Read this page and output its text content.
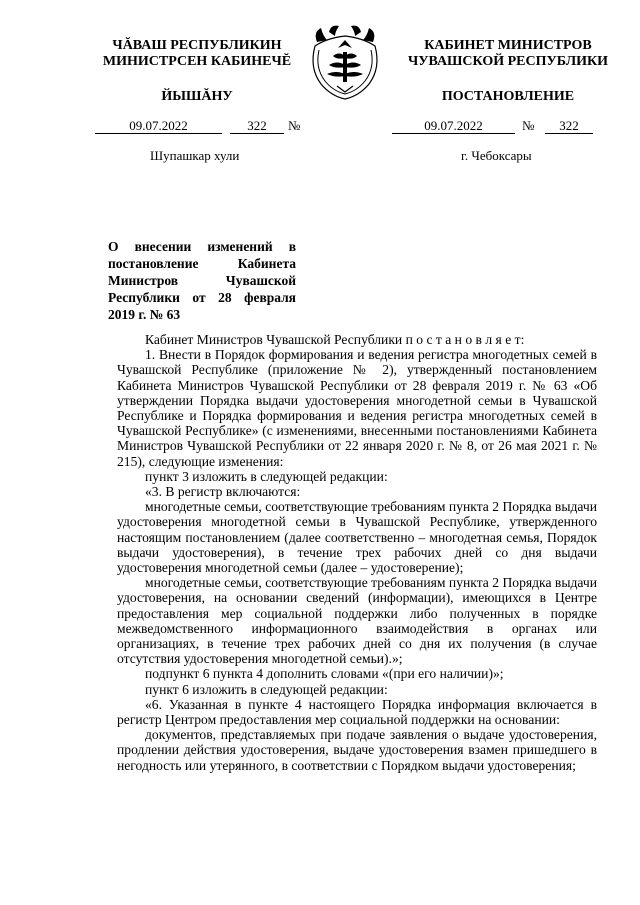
ЧĂВАШ РЕСПУБЛИКИН
МИНИСТРСЕН КАБИНЕЧĔ
КАБИНЕТ МИНИСТРОВ
ЧУВАШСКОЙ РЕСПУБЛИКИ
ЙЫШĂНУ	ПОСТАНОВЛЕНИЕ
09.07.2022	322	№	09.07.2022	№	322
Шупашкар хули	г. Чебоксары
О внесении изменений в постановление Кабинета Министров Чувашской Республики от 28 февраля 2019 г. № 63

Кабинет Министров Чувашской Республики п о с т а н о в л я е т:

1. Внести в Порядок формирования и ведения регистра многодетных семей в Чувашской Республике (приложение № 2), утвержденный постановлением Кабинета Министров Чувашской Республики от 28 февраля 2019 г. № 63 «Об утверждении Порядка выдачи удостоверения многодетной семьи в Чувашской Республике и Порядка формирования и ведения регистра многодетных семей в Чувашской Республике» (с изменениями, внесенными постановлениями Кабинета Министров Чувашской Республики от 22 января 2020 г. № 8, от 26 мая 2021 г. № 215), следующие изменения:

пункт 3 изложить в следующей редакции:

«3. В регистр включаются:

многодетные семьи, соответствующие требованиям пункта 2 Порядка выдачи удостоверения многодетной семьи в Чувашской Республике, утвержденного настоящим постановлением (далее соответственно – многодетная семья, Порядок выдачи удостоверения), в течение трех рабочих дней со дня выдачи удостоверения многодетной семьи (далее – удостоверение);

многодетные семьи, соответствующие требованиям пункта 2 Порядка выдачи удостоверения, на основании сведений (информации), имеющихся в Центре предоставления мер социальной поддержки либо полученных в порядке межведомственного информационного взаимодействия в органах или организациях, в течение трех рабочих дней со дня их получения (в случае отсутствия удостоверения многодетной семьи).»;

подпункт 6 пункта 4 дополнить словами «(при его наличии)»;

пункт 6 изложить в следующей редакции:

«6. Указанная в пункте 4 настоящего Порядка информация включается в регистр Центром предоставления мер социальной поддержки на основании:

документов, представляемых при подаче заявления о выдаче удостоверения, продлении действия удостоверения, выдаче удостоверения взамен пришедшего в негодность или утерянного, в соответствии с Порядком выдачи удостоверения;
